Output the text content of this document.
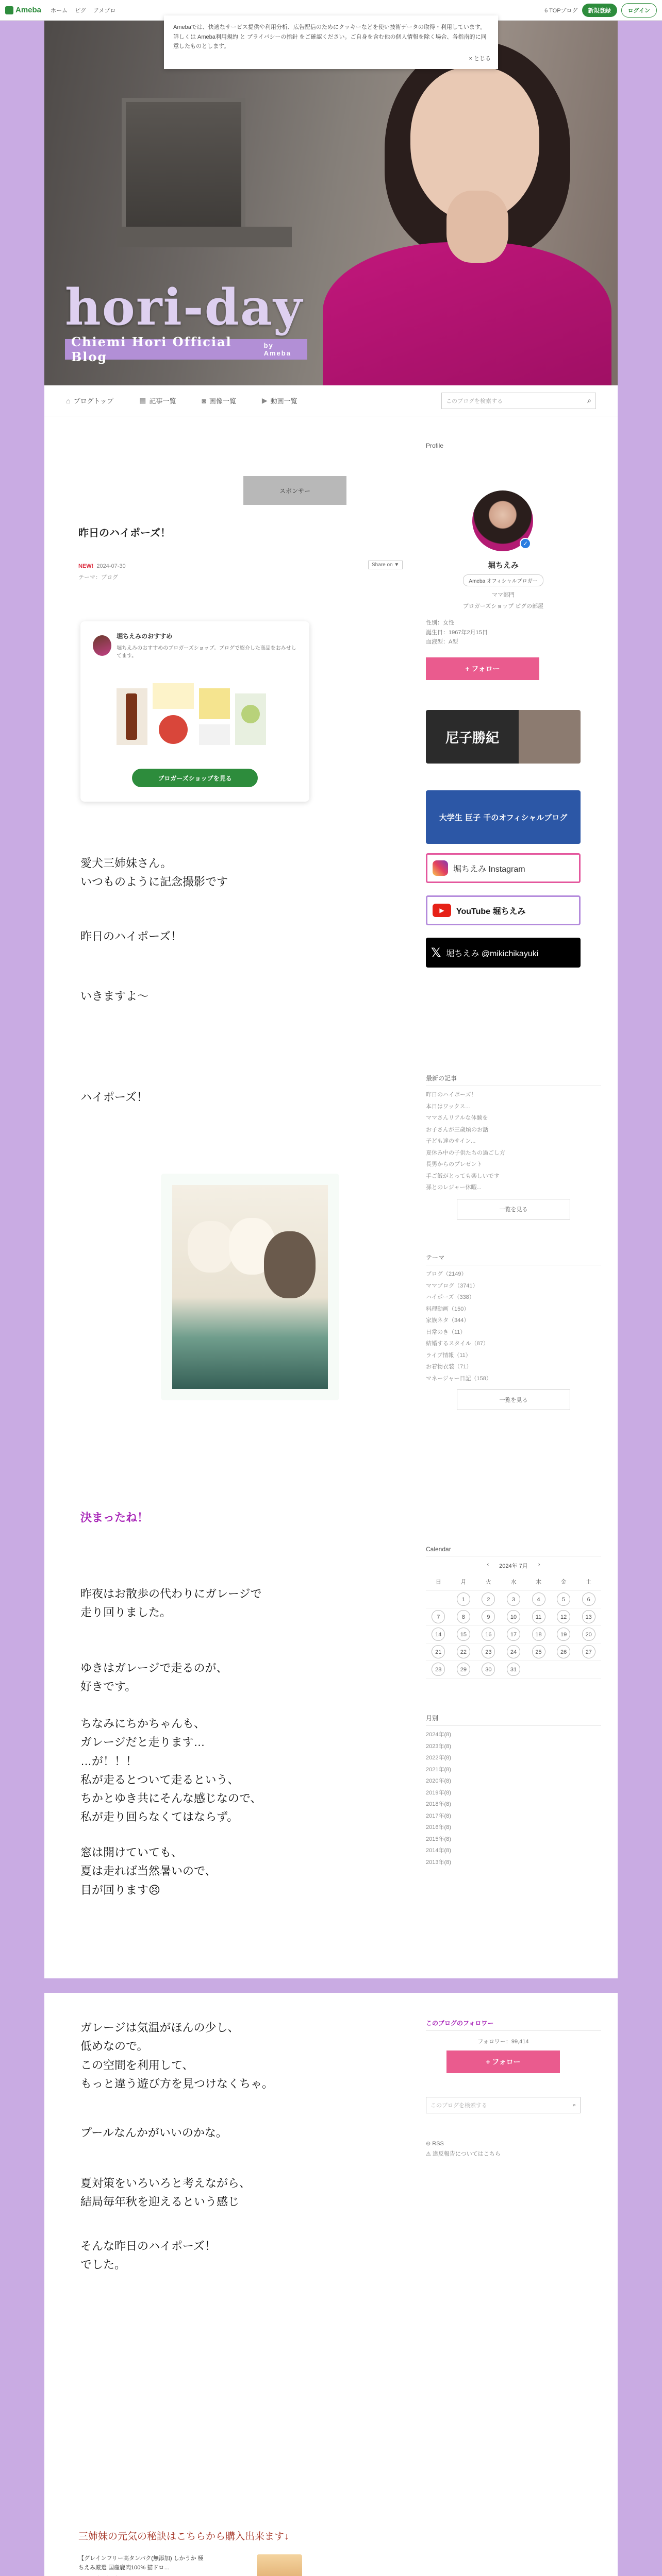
Ameba ホーム ピグ アメブロ	6 TOPブログ	新規登録	ログイン
hori-day
Chiemi Hori Official Blog
by Ameba
Amebaでは、快適なサービス提供や利用分析、広告配信のためにクッキーなどを使い技術データの取得・利用しています。詳しくは Ameba利用規約 と プライバシーの指針 をご確認ください。ご自身を含む他の個人情報を除く場合、各指南的に同意したものとします。
× とじる
⌂ ブログトップ	▤ 記事一覧	◙ 画像一覧	▶ 動画一覧	このブログを検索する	⌕
スポンサー
昨日のハイポーズ！
NEW! 2024-07-30
テーマ：ブログ
Share on ▼
堀ちえみのおすすめ
堀ちえみのおすすめのブロガーズショップ。ブログで紹介した商品をおみせしてます。
ブロガーズショップを見る
愛犬三姉妹さん。
いつものように記念撮影です
昨日のハイポーズ！
いきますよ〜
ハイポーズ！
決まったね！
昨夜はお散歩の代わりにガレージで
走り回りました。
ゆきはガレージで走るのが、
好きです。
ちなみにちかちゃんも、
ガレージだと走ります…
…が！！！
私が走るとついて走るという、
ちかとゆき共にそんな感じなので、
私が走り回らなくてはならず。
窓は開けていても、
夏は走れば当然暑いので、
目が回ります😣
Profile
✓
堀ちえみ
Ameba オフィシャルブロガー
ママ部門
ブロガーズショップ ピグの部屋
性別：女性
誕生日：1967年2月15日
血液型：A型
+ フォロー
尼子勝紀
大学生 巨子 千のオフィシャルブログ
堀ちえみ Instagram
▶	YouTube 堀ちえみ
𝕏 堀ちえみ @mikichikayuki
最新の記事
昨日のハイポーズ！
本日はワックス...
ママさんリアルな体験を
お子さんが三歳頃のお話
子ども達のサイン...
夏休み中の子供たちの過ごし方
長男からのプレゼント
手ご飯がとっても楽しいです
孫とのレジャー休暇...
一覧を見る
テーマ
ブログ（2149）
ママブログ（3741）
ハイポーズ（338）
料理動画（150）
家族ネタ（344）
日常のき（11）
結婚するスタイル（87）
ライブ情報（11）
お着物衣装（71）
マネージャー日記（158）
一覧を見る
Calendar
‹ 2024年 7月 ›
日	月	火	水	木	金	土
	1	2	3	4	5	6
7	8	9	10	11	12	13
14	15	16	17	18	19	20
21	22	23	24	25	26	27
28	29	30	31			
月別
2024年(8)
2023年(8)
2022年(8)
2021年(8)
2020年(8)
2019年(8)
2018年(8)
2017年(8)
2016年(8)
2015年(8)
2014年(8)
2013年(8)
ガレージは気温がほんの少し、
低めなので。
この空間を利用して、
もっと違う遊び方を見つけなくちゃ。
プールなんかがいいのかな。
夏対策をいろいろと考えながら、
結局毎年秋を迎えるという感じ
そんな昨日のハイポーズ！
でした。
三姉妹の元気の秘訣はこちらから購入出来ます↓
【グレインフリー高タンパク(無添加) しかうか 極ちえみ厳選 国産鹿肉100% 猫ドロ…
このブログのフォロワー
フォロワー：99,414
+ フォロー
このブログを検索する	⌕
⊚ RSS
⚠ 違反報告についてはこちら
